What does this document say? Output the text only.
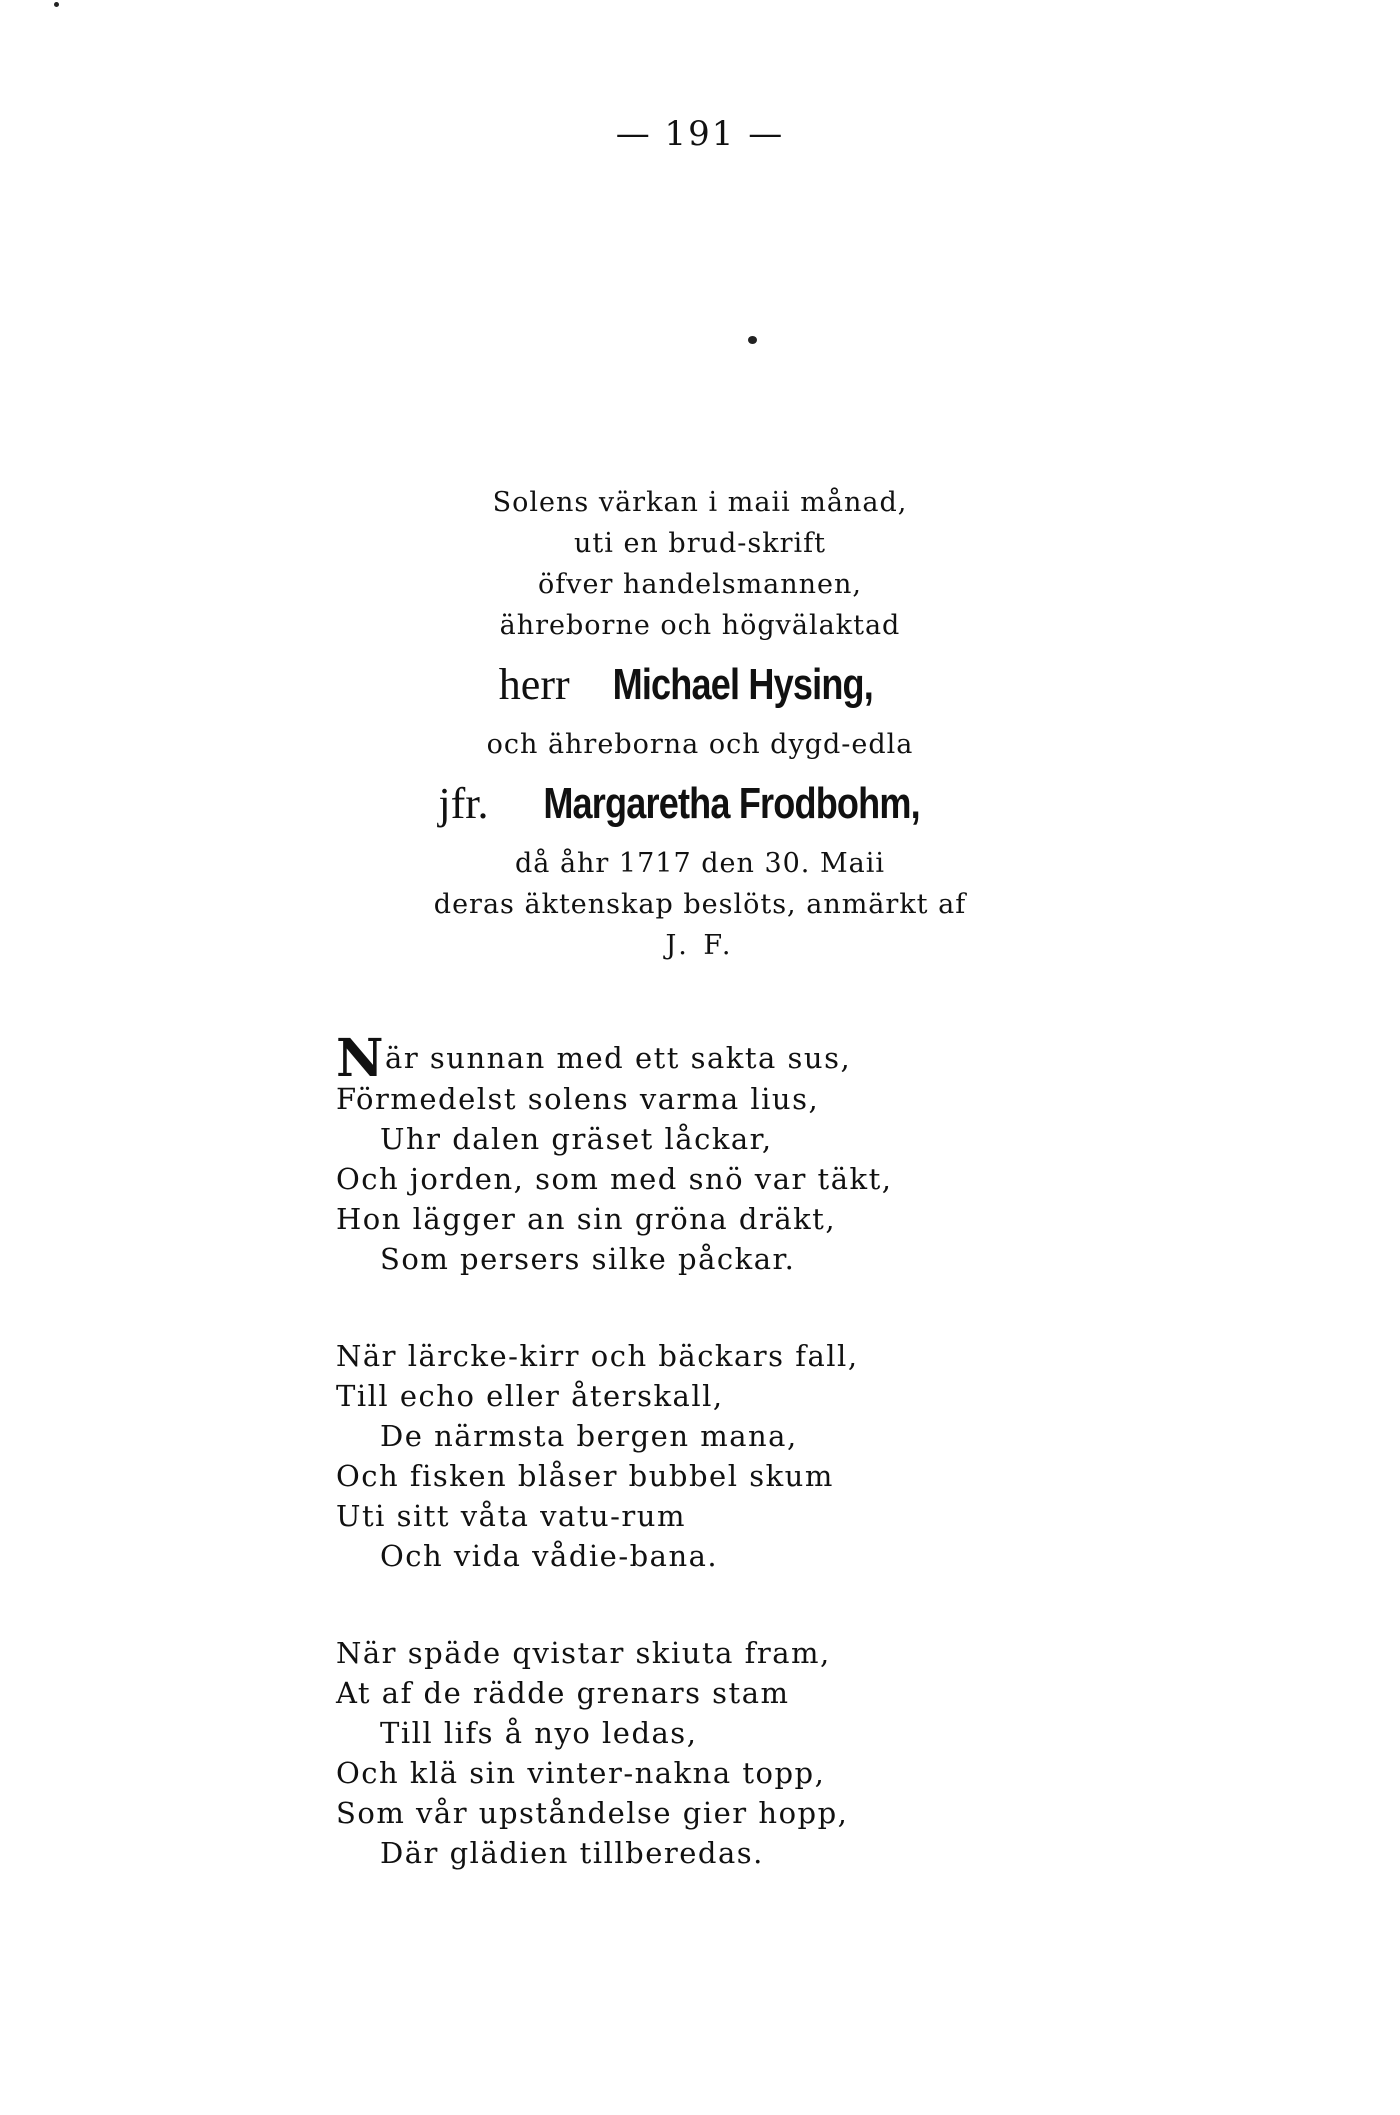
— 191 —
Solens värkan i maii månad,
uti en brud-skrift
öfver handelsmannen,
ähreborne och högvälaktad
herr Michael Hysing,
och ähreborna och dygd-edla
jfr. Margaretha Frodbohm,
då åhr 1717 den 30. Maii
deras äktenskap beslöts, anmärkt af
J. F.
När sunnan med ett sakta sus,
Förmedelst solens varma lius,
Uhr dalen gräset låckar,
Och jorden, som med snö var täkt,
Hon lägger an sin gröna dräkt,
Som persers silke påckar.
När lärcke-kirr och bäckars fall,
Till echo eller återskall,
De närmsta bergen mana,
Och fisken blåser bubbel skum
Uti sitt våta vatu-rum
Och vida vådie-bana.
När späde qvistar skiuta fram,
At af de rädde grenars stam
Till lifs å nyo ledas,
Och klä sin vinter-nakna topp,
Som vår upståndelse gier hopp,
Där glädien tillberedas.
